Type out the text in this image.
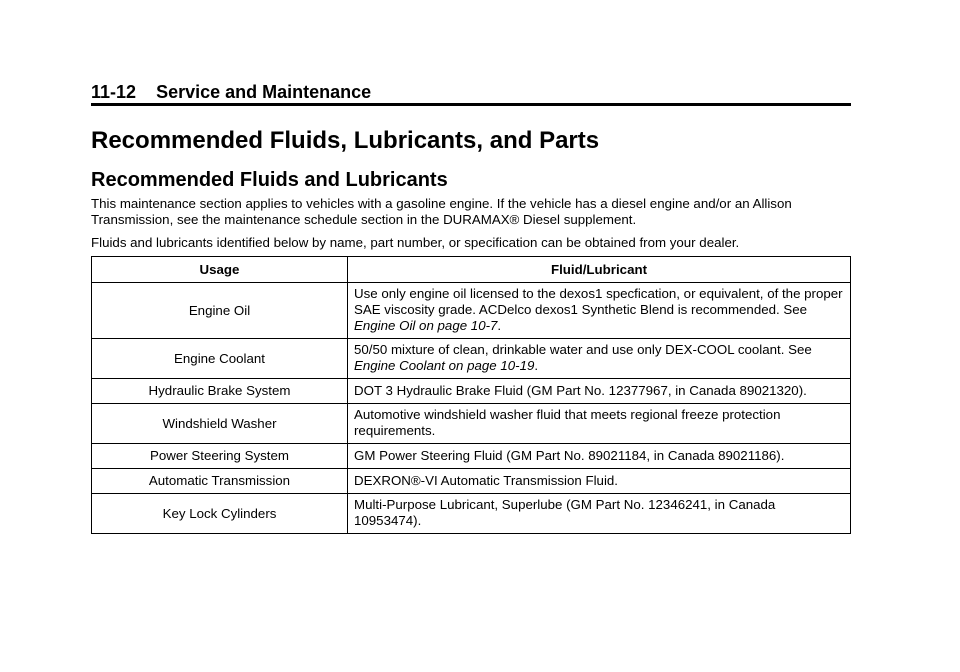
11-12 Service and Maintenance
Recommended Fluids, Lubricants, and Parts
Recommended Fluids and Lubricants

This maintenance section applies to vehicles with a gasoline engine. If the vehicle has a diesel engine and/or an Allison Transmission, see the maintenance schedule section in the DURAMAX® Diesel supplement.

Fluids and lubricants identified below by name, part number, or specification can be obtained from your dealer.

Usage	Fluid/Lubricant
Engine Oil	Use only engine oil licensed to the dexos1 specfication, or equivalent, of the proper SAE viscosity grade. ACDelco dexos1 Synthetic Blend is recommended. See Engine Oil on page 10-7.
Engine Coolant	50/50 mixture of clean, drinkable water and use only DEX-COOL coolant. See Engine Coolant on page 10-19.
Hydraulic Brake System	DOT 3 Hydraulic Brake Fluid (GM Part No. 12377967, in Canada 89021320).
Windshield Washer	Automotive windshield washer fluid that meets regional freeze protection requirements.
Power Steering System	GM Power Steering Fluid (GM Part No. 89021184, in Canada 89021186).
Automatic Transmission	DEXRON®-VI Automatic Transmission Fluid.
Key Lock Cylinders	Multi-Purpose Lubricant, Superlube (GM Part No. 12346241, in Canada 10953474).
